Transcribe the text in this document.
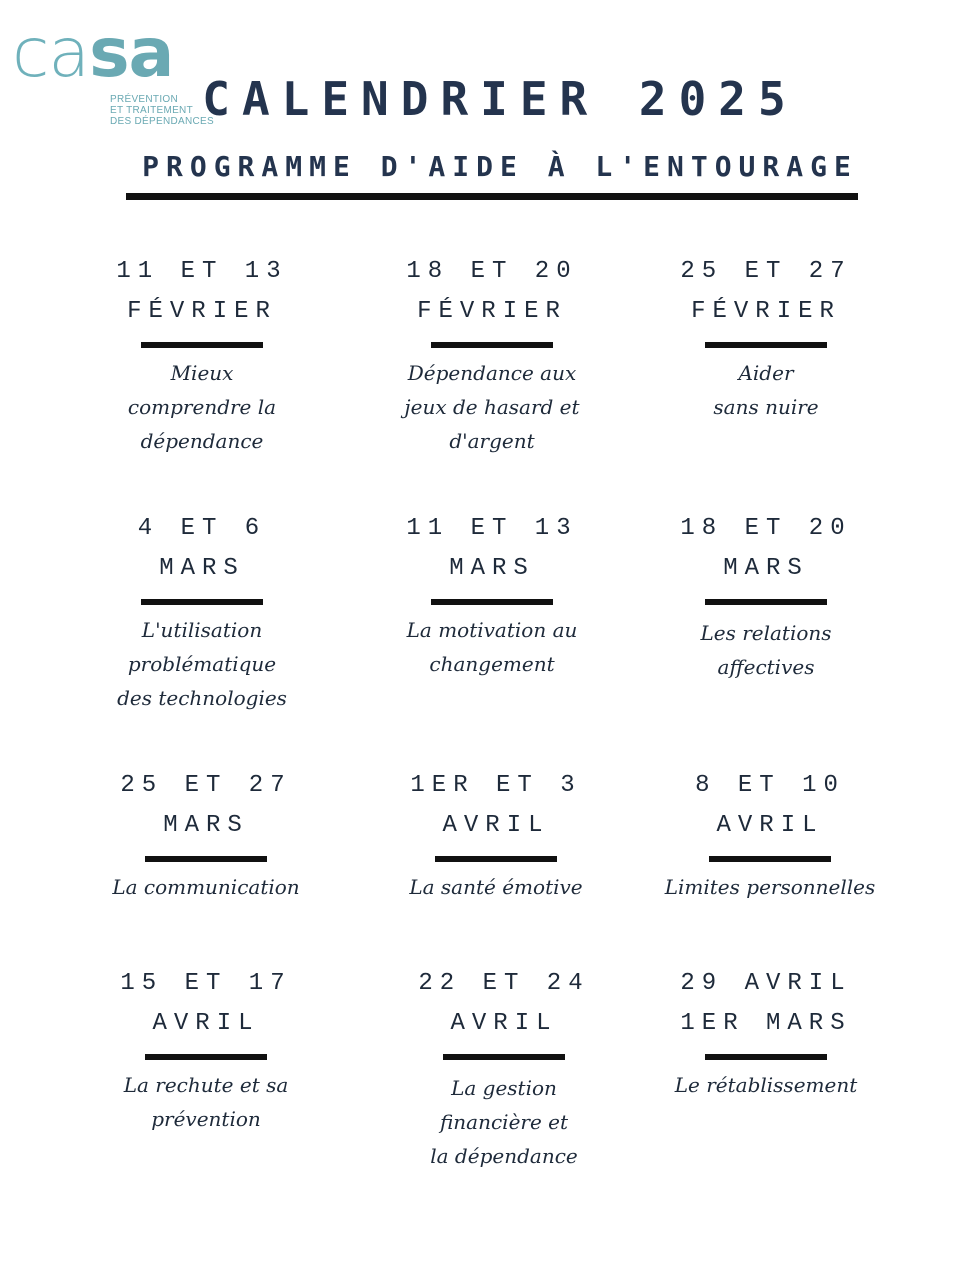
casa
PRÉVENTION
ET TRAITEMENT
DES DÉPENDANCES
CALENDRIER 2025
PROGRAMME D'AIDE À L'ENTOURAGE
11 ET 13
FÉVRIER
Mieux
comprendre la
dépendance
18 ET 20
FÉVRIER
Dépendance aux
jeux de hasard et
d'argent
25 ET 27
FÉVRIER
Aider
sans nuire
4 ET 6
MARS
L'utilisation
problématique
des technologies
11 ET 13
MARS
La motivation au
changement
18 ET 20
MARS
Les relations
affectives
25 ET 27
MARS
La communication
1ER ET 3
AVRIL
La santé émotive
8 ET 10
AVRIL
Limites personnelles
15 ET 17
AVRIL
La rechute et sa
prévention
22 ET 24
AVRIL
La gestion
financière et
la dépendance
29 AVRIL
1ER MARS
Le rétablissement
